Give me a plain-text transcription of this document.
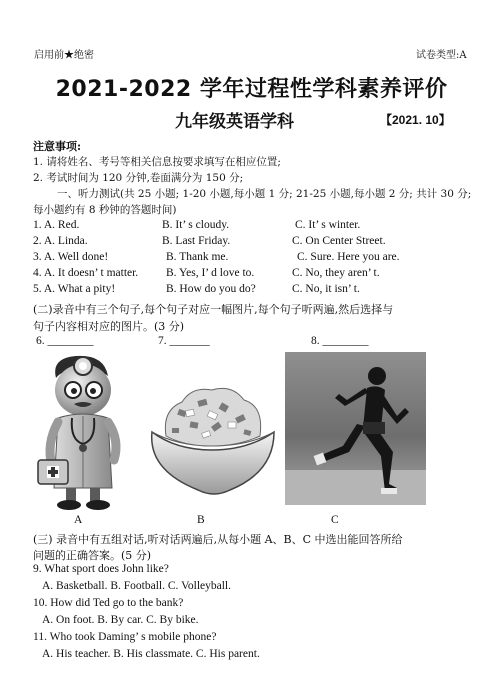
启用前★绝密	试卷类型:A
2021-2022 学年过程性学科素养评价
九年级英语学科	【2021. 10】
注意事项:
1. 请将姓名、考号等相关信息按要求填写在相应位置;
2. 考试时间为 120 分钟,卷面满分为 150 分;
一、听力测试(共 25 小题; 1-20 小题,每小题 1 分; 21-25 小题,每小题 2 分; 共计 30 分;
每小题约有 8 秒钟的答题时间)
1. A. Red.	B. It’ s cloudy.	C. It’ s winter.
2. A. Linda.	B. Last Friday.	C. On Center Street.
3. A. Well done!	B. Thank me.	C. Sure. Here you are.
4. A. It doesn’ t matter. B. Yes, I’ d love to.	C. No, they aren’ t.
5. A. What a pity!	B. How do you do?	C. No, it isn’ t.
(二)录音中有三个句子,每个句子对应一幅图片,每个句子听两遍,然后选择与
句子内容相对应的图片。(3 分)
6. ________	7. _______	8. ________
A	B	C
(三) 录音中有五组对话,听对话两遍后,从每小题 A、B、C 中选出能回答所给
问题的正确答案。(5 分)
9. What sport does John like?
A. Basketball. B. Football. C. Volleyball.
10. How did Ted go to the bank?
A. On foot. B. By car. C. By bike.
11. Who took Daming’ s mobile phone?
A. His teacher. B. His classmate. C. His parent.
